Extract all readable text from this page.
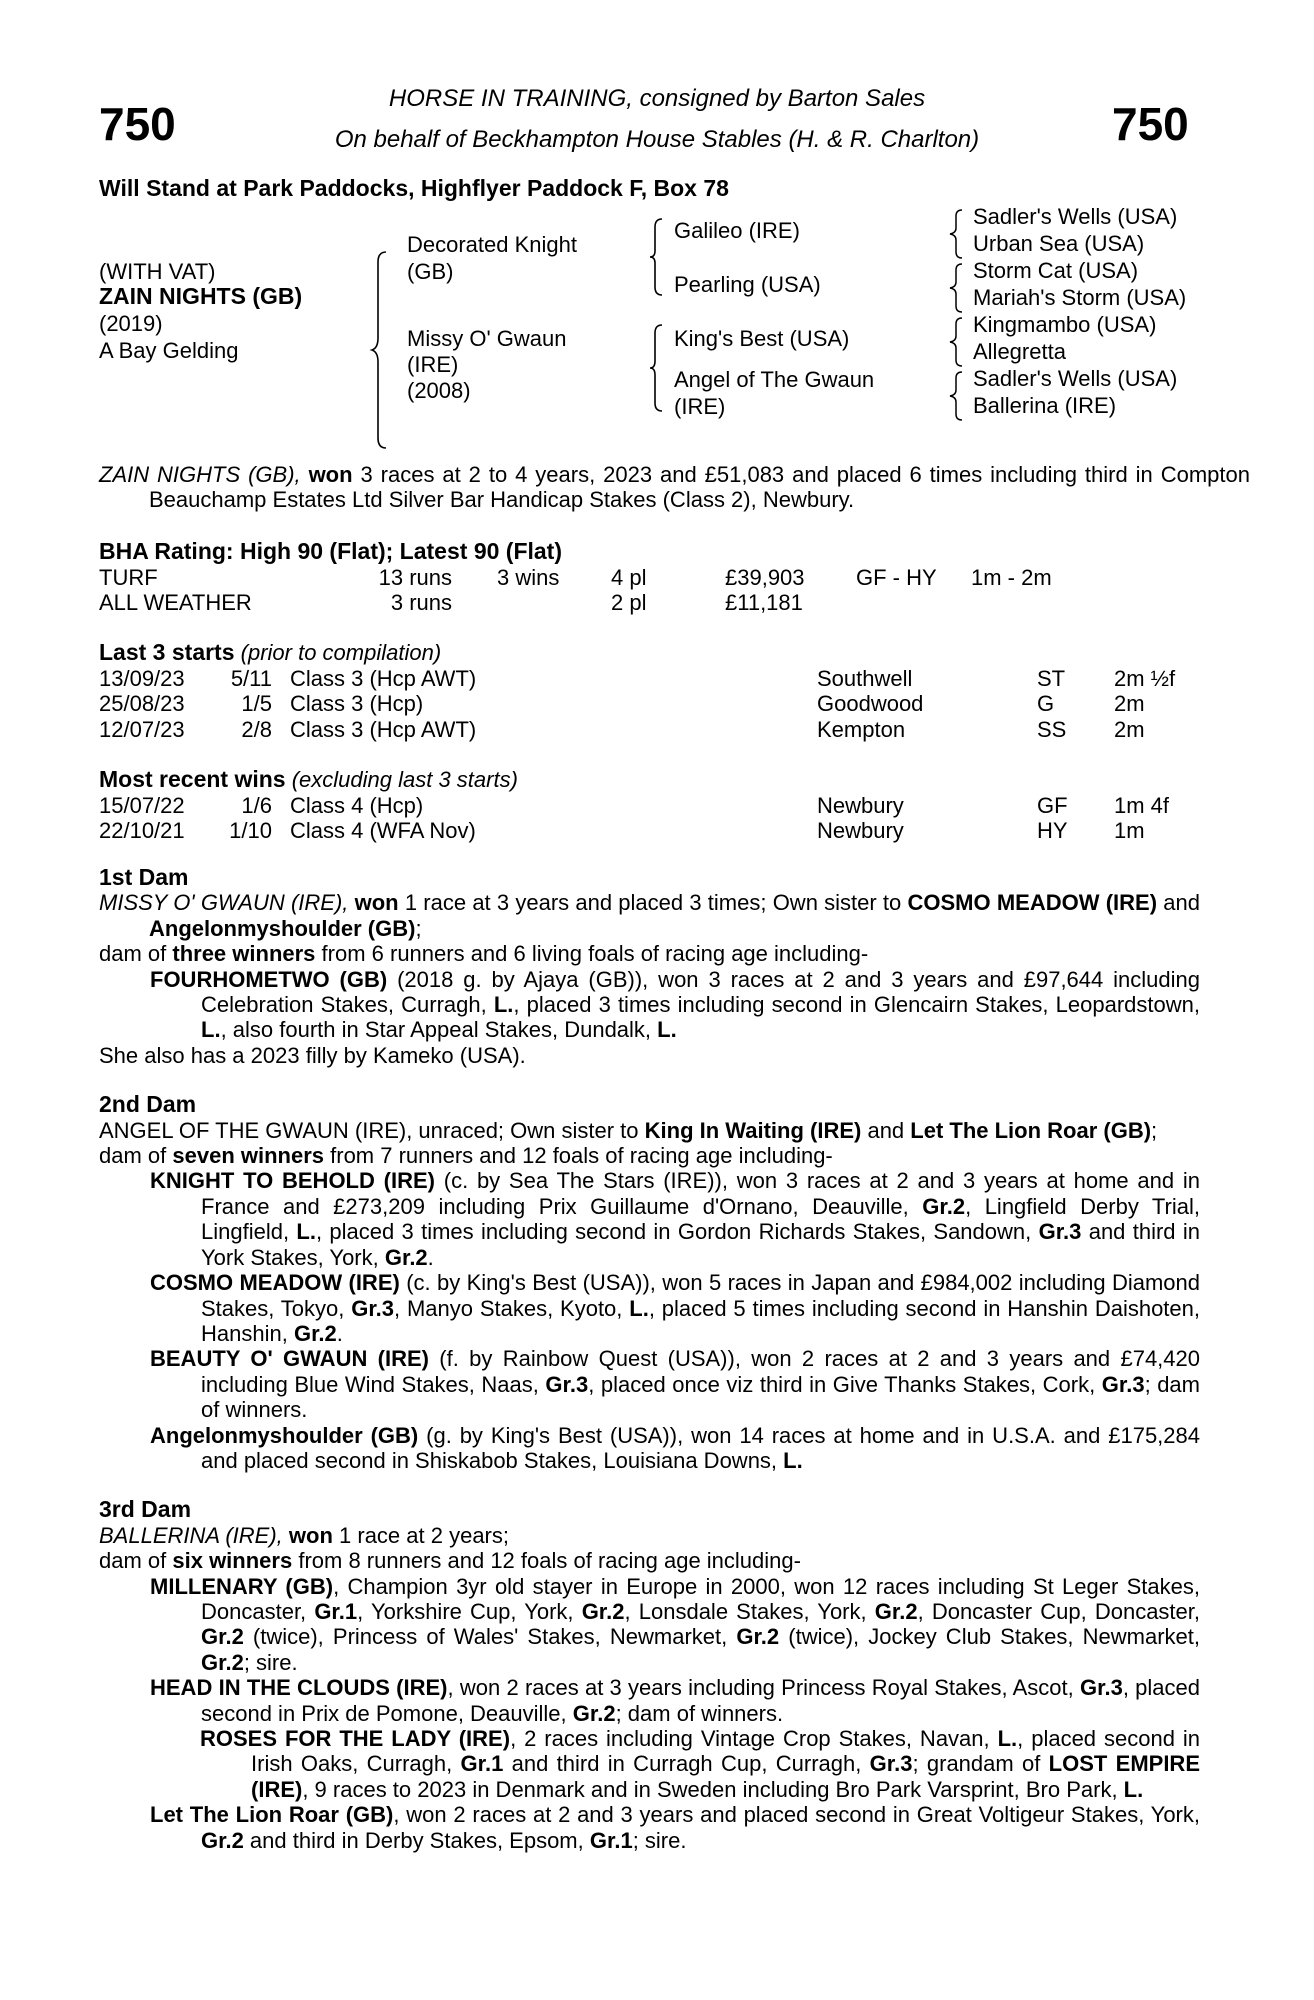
HORSE IN TRAINING, consigned by Barton Sales
On behalf of Beckhampton House Stables (H. & R. Charlton)
750	750
Will Stand at Park Paddocks, Highflyer Paddock F, Box 78
(WITH VAT)
ZAIN NIGHTS (GB)
(2019)
A Bay Gelding
Decorated Knight
(GB)
Missy O' Gwaun
(IRE)
(2008)
Galileo (IRE)
Pearling (USA)
King's Best (USA)
Angel of The Gwaun
(IRE)
Sadler's Wells (USA)
Urban Sea (USA)
Storm Cat (USA)
Mariah's Storm (USA)
Kingmambo (USA)
Allegretta
Sadler's Wells (USA)
Ballerina (IRE)
ZAIN NIGHTS (GB), won 3 races at 2 to 4 years, 2023 and £51,083 and placed 6 times including third in Compton Beauchamp Estates Ltd Silver Bar Handicap Stakes (Class 2), Newbury.
BHA Rating: High 90 (Flat); Latest 90 (Flat)
TURF	13 runs 3 wins 4 pl	£39,903 GF - HY 1m - 2m
ALL WEATHER	3 runs	2 pl	£11,181
Last 3 starts (prior to compilation)
13/09/23 5/11 Class 3 (Hcp AWT)	Southwell	ST 2m ½f
25/08/23	1/5 Class 3 (Hcp)	Goodwood	G	2m
12/07/23	2/8 Class 3 (Hcp AWT)	Kempton	SS 2m
Most recent wins (excluding last 3 starts)
15/07/22	1/6 Class 4 (Hcp)	Newbury	GF 1m 4f
22/10/21 1/10 Class 4 (WFA Nov)	Newbury	HY 1m
1st Dam
MISSY O' GWAUN (IRE), won 1 race at 3 years and placed 3 times; Own sister to COSMO MEADOW (IRE) and Angelonmyshoulder (GB);
dam of three winners from 6 runners and 6 living foals of racing age including-
FOURHOMETWO (GB) (2018 g. by Ajaya (GB)), won 3 races at 2 and 3 years and £97,644 including Celebration Stakes, Curragh, L., placed 3 times including second in Glencairn Stakes, Leopardstown, L., also fourth in Star Appeal Stakes, Dundalk, L.
She also has a 2023 filly by Kameko (USA).
2nd Dam
ANGEL OF THE GWAUN (IRE), unraced; Own sister to King In Waiting (IRE) and Let The Lion Roar (GB);
dam of seven winners from 7 runners and 12 foals of racing age including-
KNIGHT TO BEHOLD (IRE) (c. by Sea The Stars (IRE)), won 3 races at 2 and 3 years at home and in France and £273,209 including Prix Guillaume d'Ornano, Deauville, Gr.2, Lingfield Derby Trial, Lingfield, L., placed 3 times including second in Gordon Richards Stakes, Sandown, Gr.3 and third in York Stakes, York, Gr.2.
COSMO MEADOW (IRE) (c. by King's Best (USA)), won 5 races in Japan and £984,002 including Diamond Stakes, Tokyo, Gr.3, Manyo Stakes, Kyoto, L., placed 5 times including second in Hanshin Daishoten, Hanshin, Gr.2.
BEAUTY O' GWAUN (IRE) (f. by Rainbow Quest (USA)), won 2 races at 2 and 3 years and £74,420 including Blue Wind Stakes, Naas, Gr.3, placed once viz third in Give Thanks Stakes, Cork, Gr.3; dam of winners.
Angelonmyshoulder (GB) (g. by King's Best (USA)), won 14 races at home and in U.S.A. and £175,284 and placed second in Shiskabob Stakes, Louisiana Downs, L.
3rd Dam
BALLERINA (IRE), won 1 race at 2 years;
dam of six winners from 8 runners and 12 foals of racing age including-
MILLENARY (GB), Champion 3yr old stayer in Europe in 2000, won 12 races including St Leger Stakes, Doncaster, Gr.1, Yorkshire Cup, York, Gr.2, Lonsdale Stakes, York, Gr.2, Doncaster Cup, Doncaster, Gr.2 (twice), Princess of Wales' Stakes, Newmarket, Gr.2 (twice), Jockey Club Stakes, Newmarket, Gr.2; sire.
HEAD IN THE CLOUDS (IRE), won 2 races at 3 years including Princess Royal Stakes, Ascot, Gr.3, placed second in Prix de Pomone, Deauville, Gr.2; dam of winners.
ROSES FOR THE LADY (IRE), 2 races including Vintage Crop Stakes, Navan, L., placed second in Irish Oaks, Curragh, Gr.1 and third in Curragh Cup, Curragh, Gr.3; grandam of LOST EMPIRE (IRE), 9 races to 2023 in Denmark and in Sweden including Bro Park Varsprint, Bro Park, L.
Let The Lion Roar (GB), won 2 races at 2 and 3 years and placed second in Great Voltigeur Stakes, York, Gr.2 and third in Derby Stakes, Epsom, Gr.1; sire.
